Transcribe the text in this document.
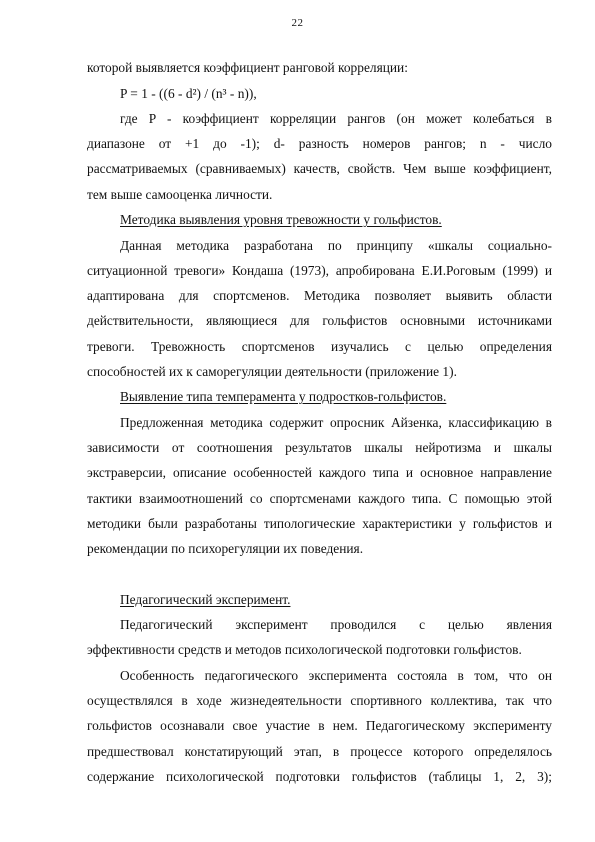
22
которой выявляется коэффициент ранговой корреляции:
P = 1 - ((6 - d²) / (n³ - n)),
где P - коэффициент корреляции рангов (он может колебаться в
диапазоне от +1 до -1); d- разность номеров рангов; n - число
рассматриваемых (сравниваемых) качеств, свойств. Чем выше коэффициент,
тем выше самооценка личности.
Методика выявления уровня тревожности у гольфистов.
Данная методика разработана по принципу «шкалы социально-
ситуационной тревоги» Кондаша (1973), апробирована Е.И.Роговым (1999) и
адаптирована для спортсменов. Методика позволяет выявить области
действительности, являющиеся для гольфистов основными источниками
тревоги. Тревожность спортсменов изучались с целью определения
способностей их к саморегуляции деятельности (приложение 1).
Выявление типа темперамента у подростков-гольфистов.
Предложенная методика содержит опросник Айзенка, классификацию в
зависимости от соотношения результатов шкалы нейротизма и шкалы
экстраверсии, описание особенностей каждого типа и основное направление
тактики взаимоотношений со спортсменами каждого типа. С помощью этой
методики были разработаны типологические характеристики у гольфистов и
рекомендации по психорегуляции их поведения.
Педагогический эксперимент.
Педагогический эксперимент проводился с целью явления
эффективности средств и методов психологической подготовки гольфистов.
Особенность педагогического эксперимента состояла в том, что он
осуществлялся в ходе жизнедеятельности спортивного коллектива, так что
гольфистов осознавали свое участие в нем. Педагогическому эксперименту
предшествовал констатирующий этап, в процессе которого определялось
содержание психологической подготовки гольфистов (таблицы 1, 2, 3);
